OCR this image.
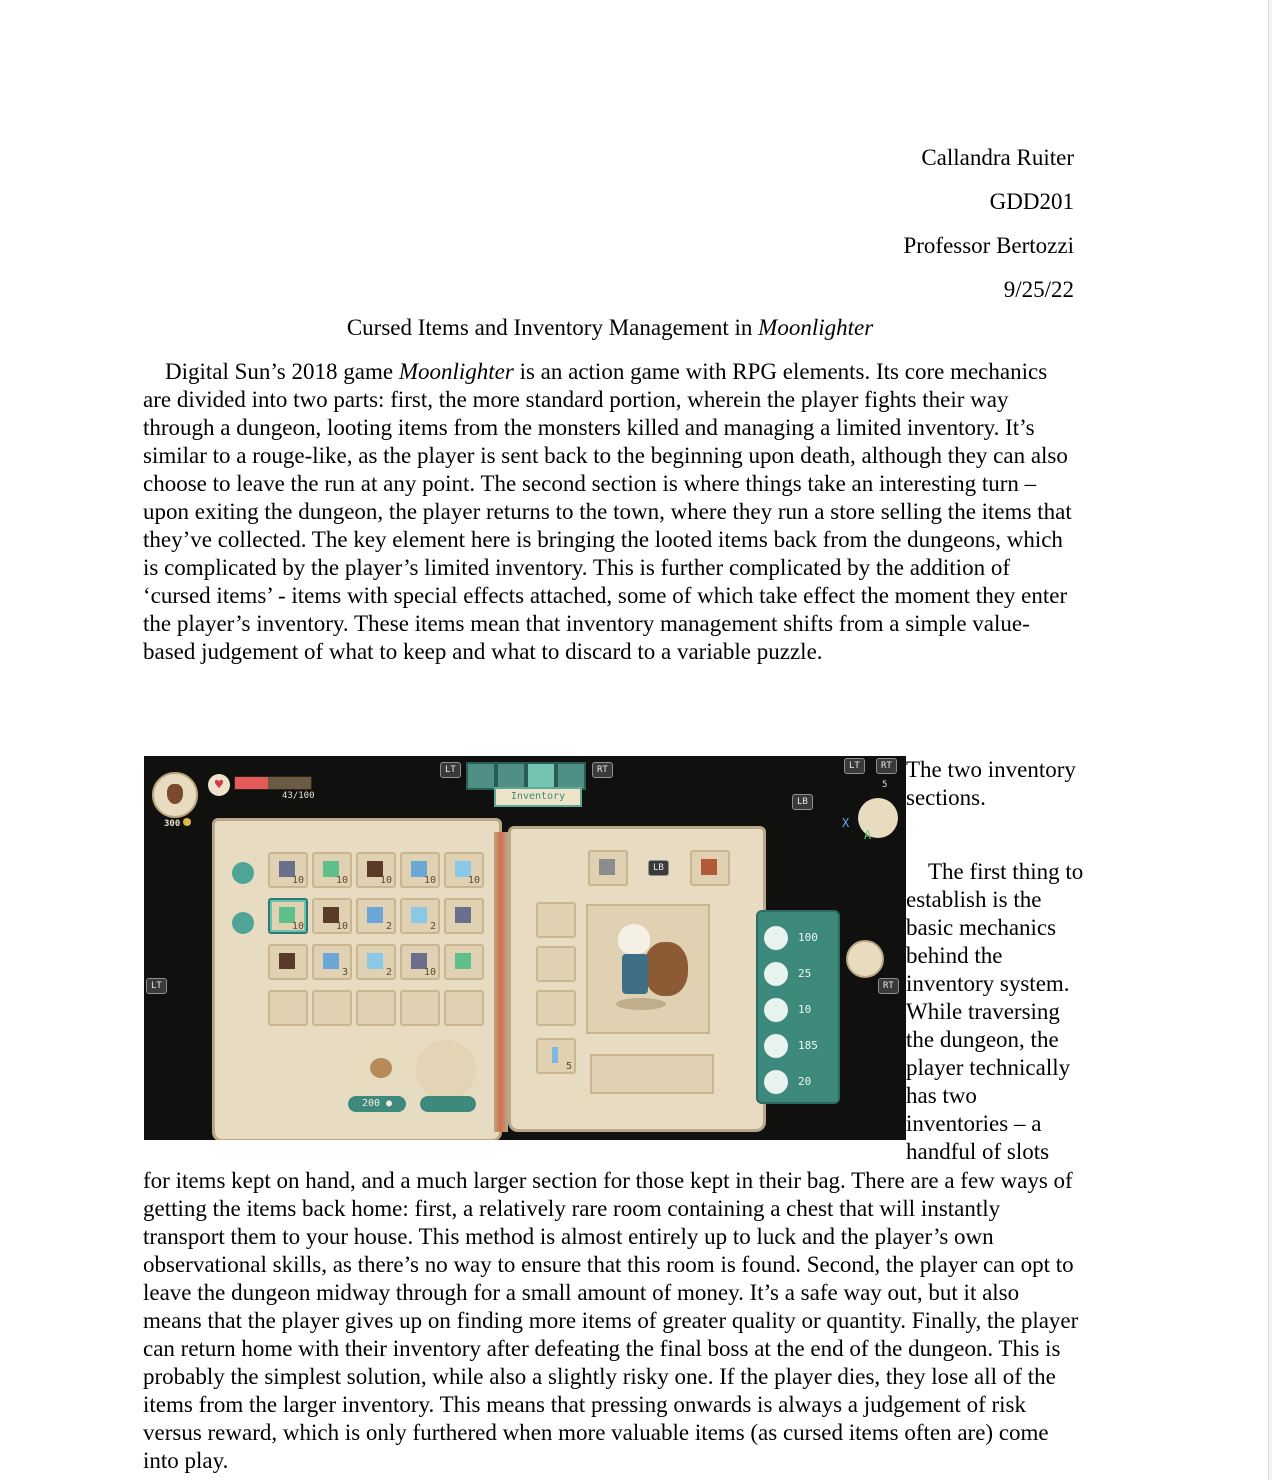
Callandra Ruiter
GDD201
Professor Bertozzi
9/25/22
Cursed Items and Inventory Management in Moonlighter

Digital Sun’s 2018 game Moonlighter is an action game with RPG elements. Its core mechanics are divided into two parts: first, the more standard portion, wherein the player fights their way through a dungeon, looting items from the monsters killed and managing a limited inventory. It’s similar to a rouge-like, as the player is sent back to the beginning upon death, although they can also choose to leave the run at any point. The second section is where things take an interesting turn – upon exiting the dungeon, the player returns to the town, where they run a store selling the items that they’ve collected. The key element here is bringing the looted items back from the dungeons, which is complicated by the player’s limited inventory. This is further complicated by the addition of ‘cursed items’ - items with special effects attached, some of which take effect the moment they enter the player’s inventory. These items mean that inventory management shifts from a simple value-based judgement of what to keep and what to discard to a variable puzzle.

♥
43/100
300
LT	RT
Inventory
LT	RT
5
LB
X
A
LT	RT
10	10	10	10	10
10	10	2	2
3	2	10
200 ●
5
LB
100
25
10
185
20
The two inventory sections.
The first thing to establish is the basic mechanics behind the inventory system. While traversing the dungeon, the player technically has two inventories – a handful of slots

for items kept on hand, and a much larger section for those kept in their bag. There are a few ways of getting the items back home: first, a relatively rare room containing a chest that will instantly transport them to your house. This method is almost entirely up to luck and the player’s own observational skills, as there’s no way to ensure that this room is found. Second, the player can opt to leave the dungeon midway through for a small amount of money. It’s a safe way out, but it also means that the player gives up on finding more items of greater quality or quantity. Finally, the player can return home with their inventory after defeating the final boss at the end of the dungeon. This is probably the simplest solution, while also a slightly risky one. If the player dies, they lose all of the items from the larger inventory. This means that pressing onwards is always a judgement of risk versus reward, which is only furthered when more valuable items (as cursed items often are) come into play.
